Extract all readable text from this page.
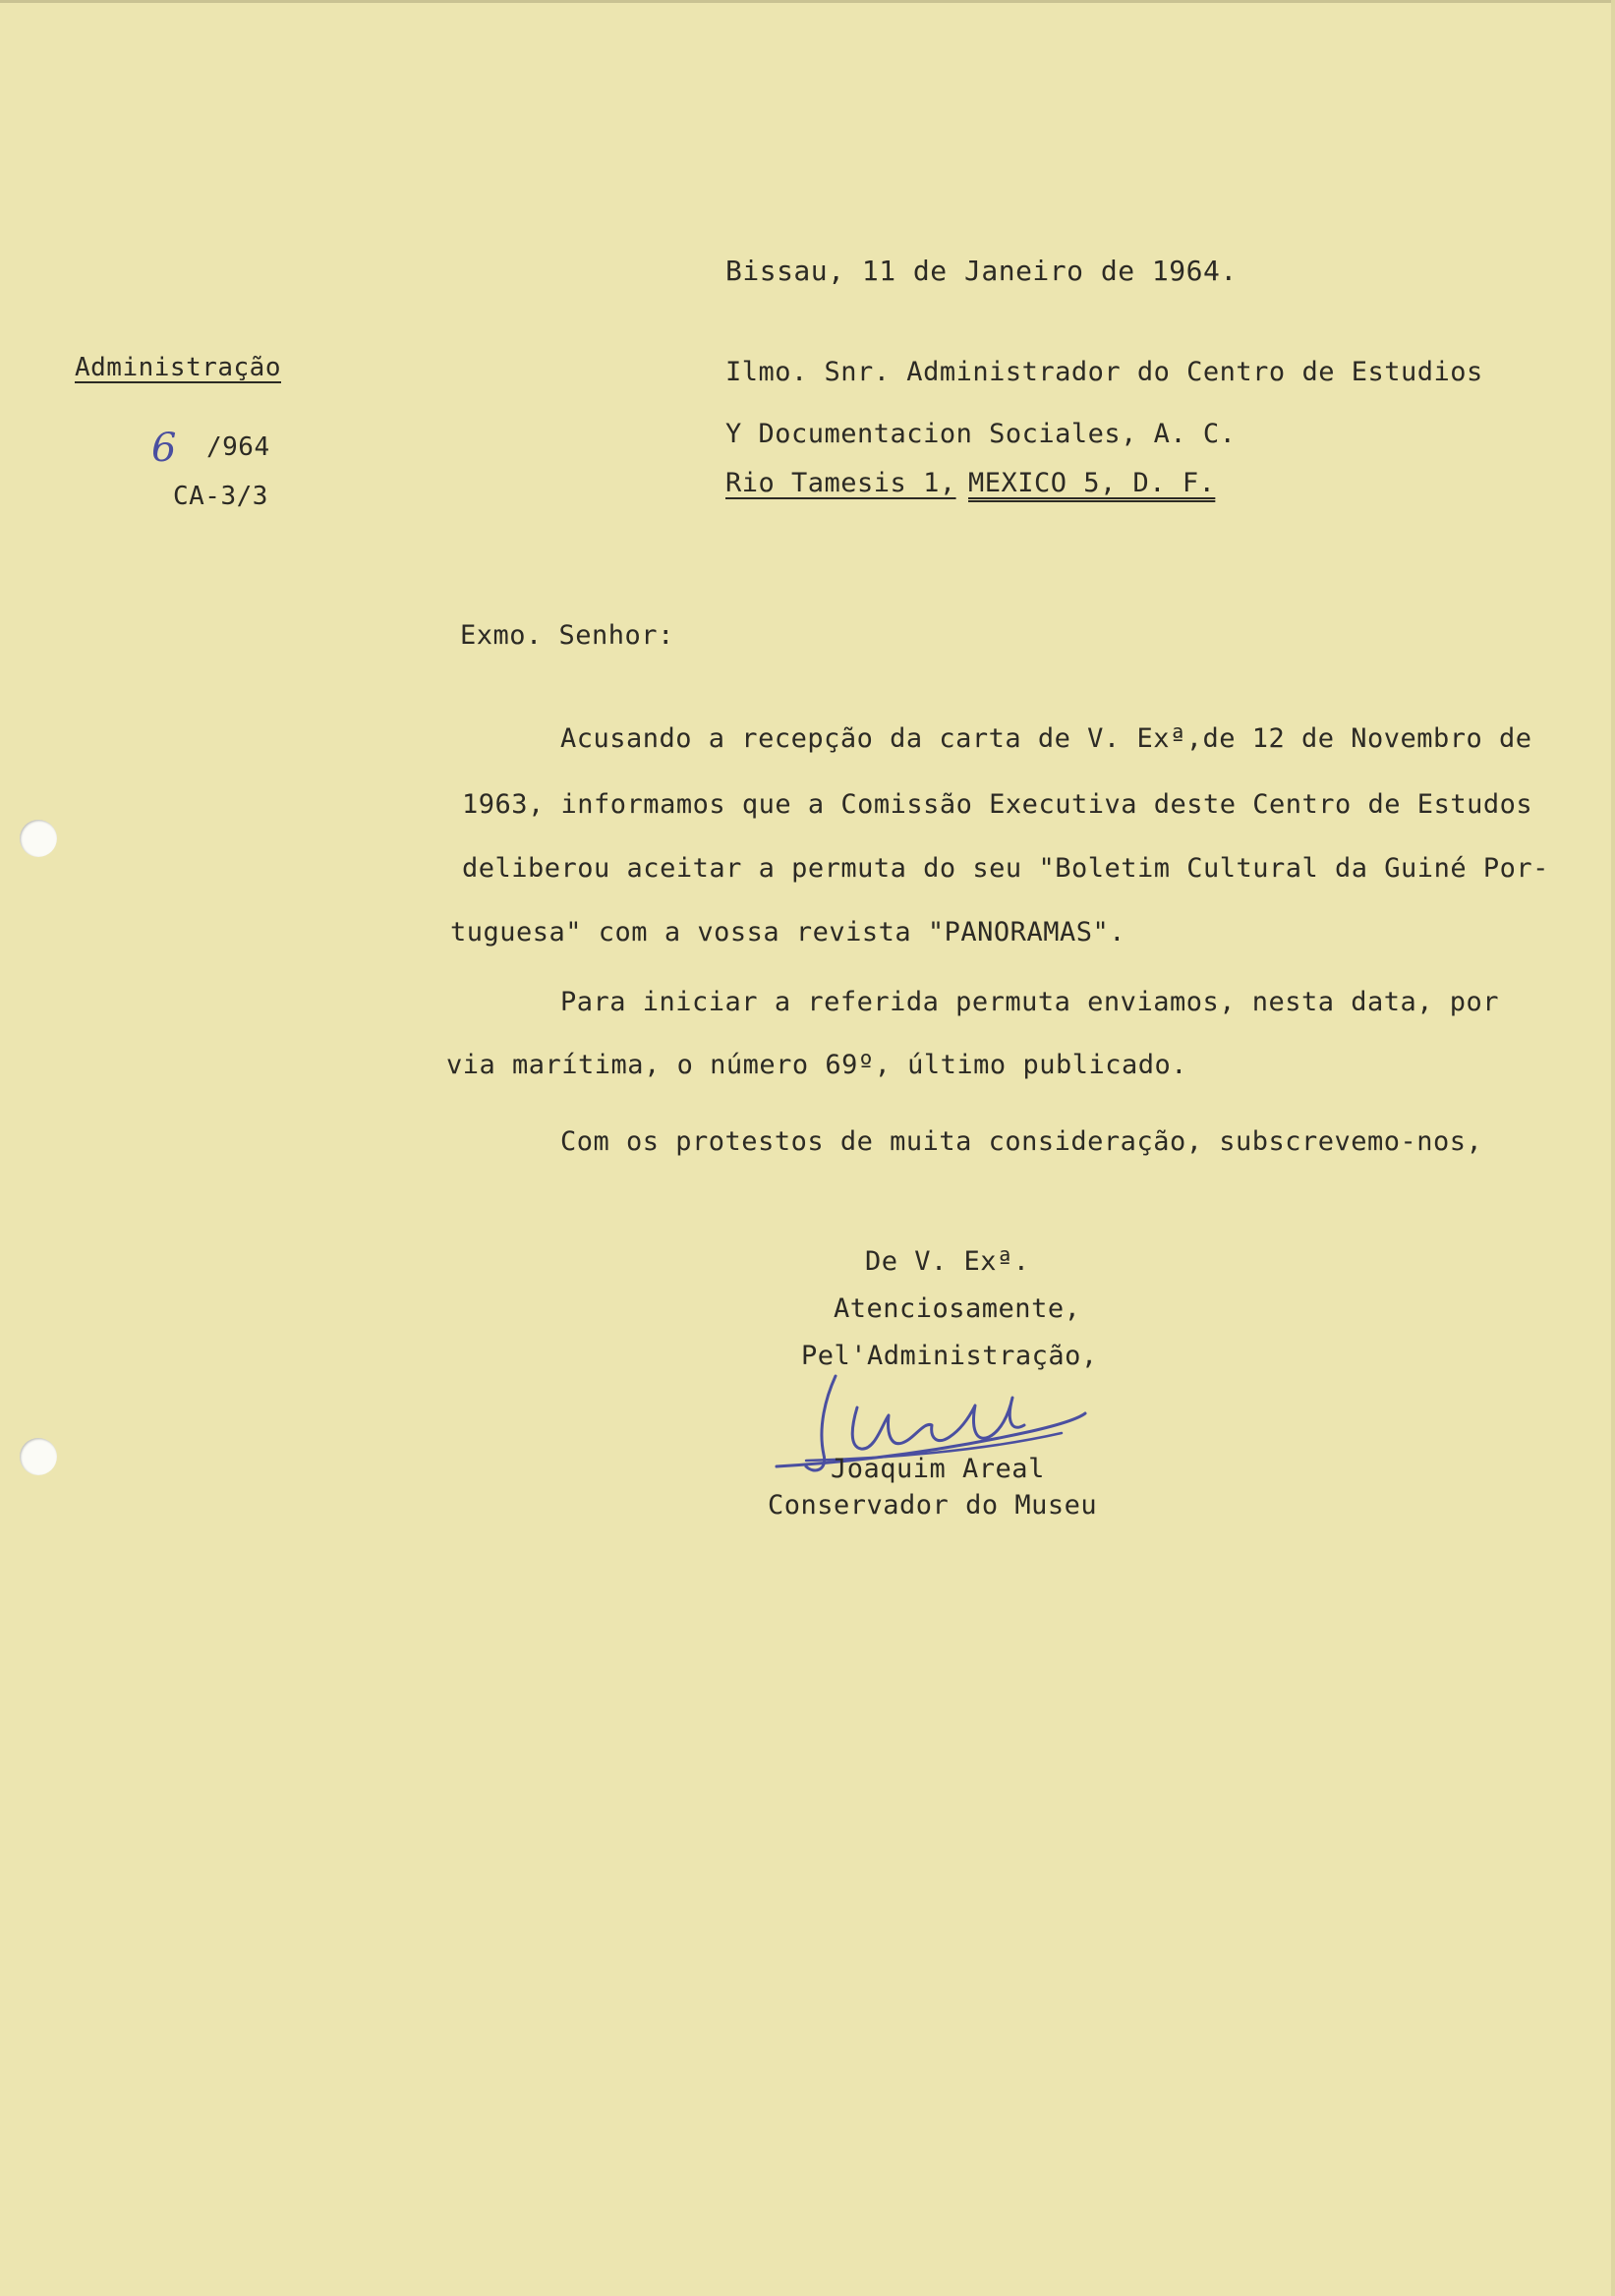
Bissau, 11 de Janeiro de 1964.
Administração
6 /964
CA-3/3
Ilmo. Snr. Administrador do Centro de Estudios
Y Documentacion Sociales, A. C.
Rio Tamesis 1, MEXICO 5, D. F.
Exmo. Senhor:
Acusando a recepção da carta de V. Exª,de 12 de Novembro de
1963, informamos que a Comissão Executiva deste Centro de Estudos
deliberou aceitar a permuta do seu "Boletim Cultural da Guiné Por-
tuguesa" com a vossa revista "PANORAMAS".
Para iniciar a referida permuta enviamos, nesta data, por
via marítima, o número 69º, último publicado.
Com os protestos de muita consideração, subscrevemo-nos,
De V. Exª.
Atenciosamente,
Pel'Administração,
Joaquim Areal
Conservador do Museu
